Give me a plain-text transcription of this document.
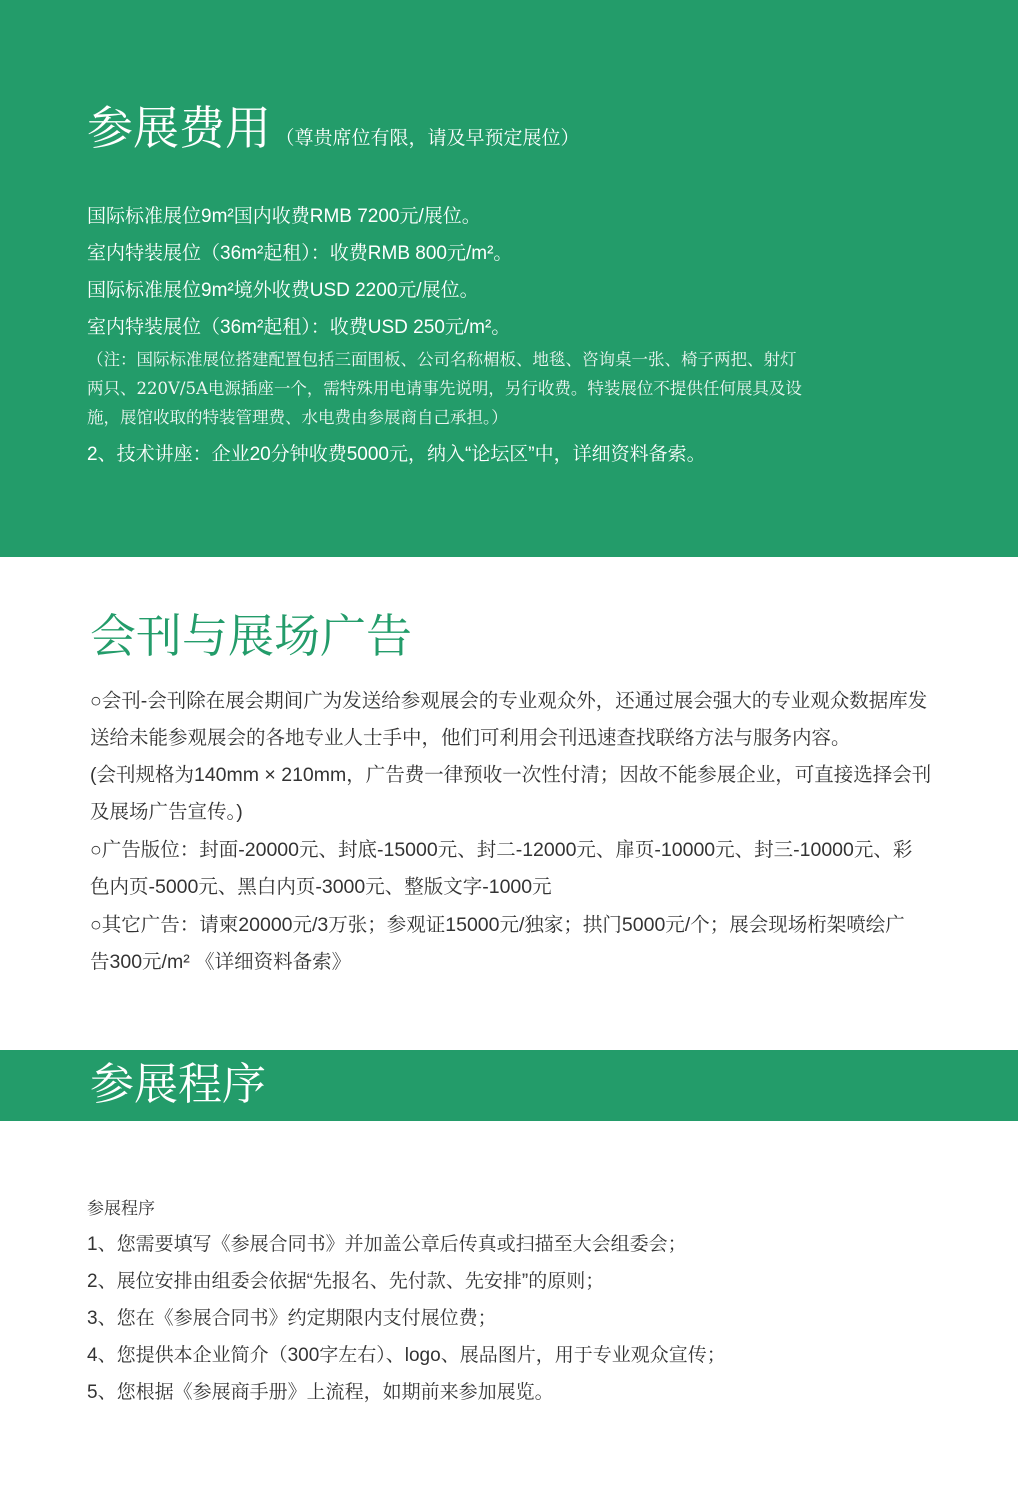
参展费用 （尊贵席位有限，请及早预定展位）
国际标准展位9m²国内收费RMB 7200元/展位。
室内特装展位（36m²起租）：收费RMB 800元/m²。
国际标准展位9m²境外收费USD 2200元/展位。
室内特装展位（36m²起租）：收费USD 250元/m²。
（注：国际标准展位搭建配置包括三面围板、公司名称楣板、地毯、咨询桌一张、椅子两把、射灯
两只、220V/5A电源插座一个，需特殊用电请事先说明，另行收费。特装展位不提供任何展具及设
施，展馆收取的特装管理费、水电费由参展商自己承担。）
2、技术讲座：企业20分钟收费5000元，纳入“论坛区”中，详细资料备索。
会刊与展场广告
○会刊-会刊除在展会期间广为发送给参观展会的专业观众外，还通过展会强大的专业观众数据库发
送给未能参观展会的各地专业人士手中，他们可利用会刊迅速查找联络方法与服务内容。
(会刊规格为140mm × 210mm，广告费一律预收一次性付清；因故不能参展企业，可直接选择会刊
及展场广告宣传。)
○广告版位：封面-20000元、封底-15000元、封二-12000元、扉页-10000元、封三-10000元、彩
色内页-5000元、黑白内页-3000元、整版文字-1000元
○其它广告：请柬20000元/3万张；参观证15000元/独家；拱门5000元/个；展会现场桁架喷绘广
告300元/m² 《详细资料备索》
参展程序
参展程序
1、您需要填写《参展合同书》并加盖公章后传真或扫描至大会组委会；
2、展位安排由组委会依据“先报名、先付款、先安排”的原则；
3、您在《参展合同书》约定期限内支付展位费；
4、您提供本企业简介（300字左右）、logo、展品图片，用于专业观众宣传；
5、您根据《参展商手册》上流程，如期前来参加展览。
